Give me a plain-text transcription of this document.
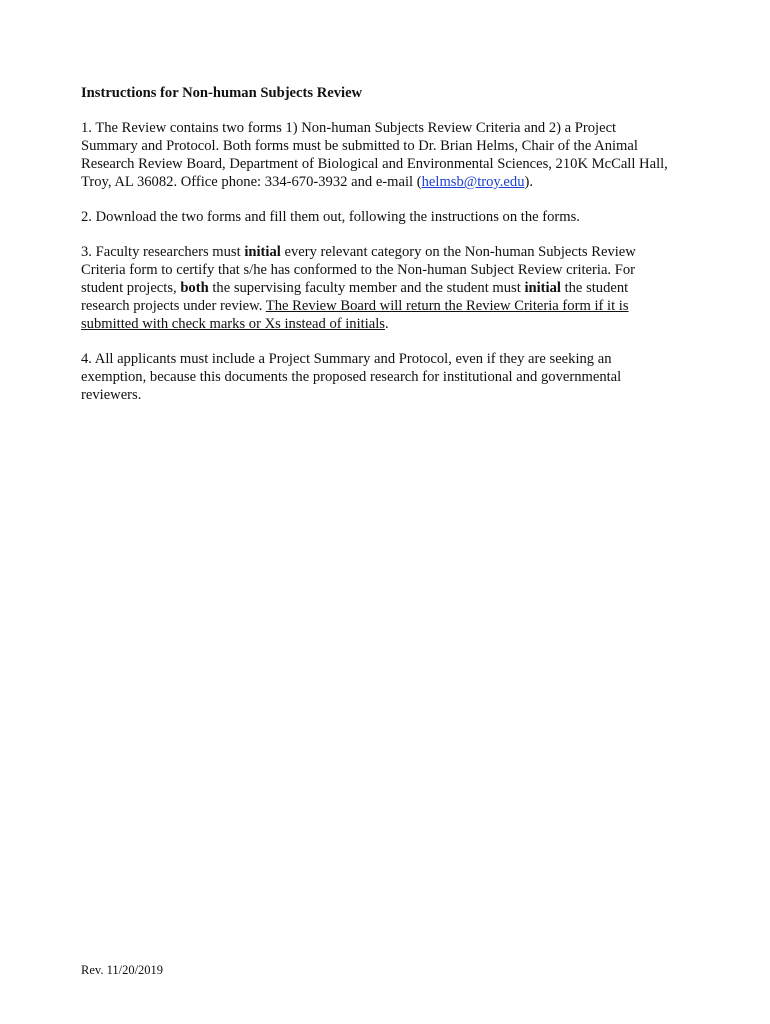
Instructions for Non-human Subjects Review

1. The Review contains two forms 1) Non-human Subjects Review Criteria and 2) a Project Summary and Protocol. Both forms must be submitted to Dr. Brian Helms, Chair of the Animal Research Review Board, Department of Biological and Environmental Sciences, 210K McCall Hall, Troy, AL 36082. Office phone: 334-670-3932 and e-mail (helmsb@troy.edu).

2. Download the two forms and fill them out, following the instructions on the forms.

3. Faculty researchers must initial every relevant category on the Non-human Subjects Review Criteria form to certify that s/he has conformed to the Non-human Subject Review criteria. For student projects, both the supervising faculty member and the student must initial the student research projects under review. The Review Board will return the Review Criteria form if it is submitted with check marks or Xs instead of initials.

4. All applicants must include a Project Summary and Protocol, even if they are seeking an exemption, because this documents the proposed research for institutional and governmental reviewers.

Rev. 11/20/2019
